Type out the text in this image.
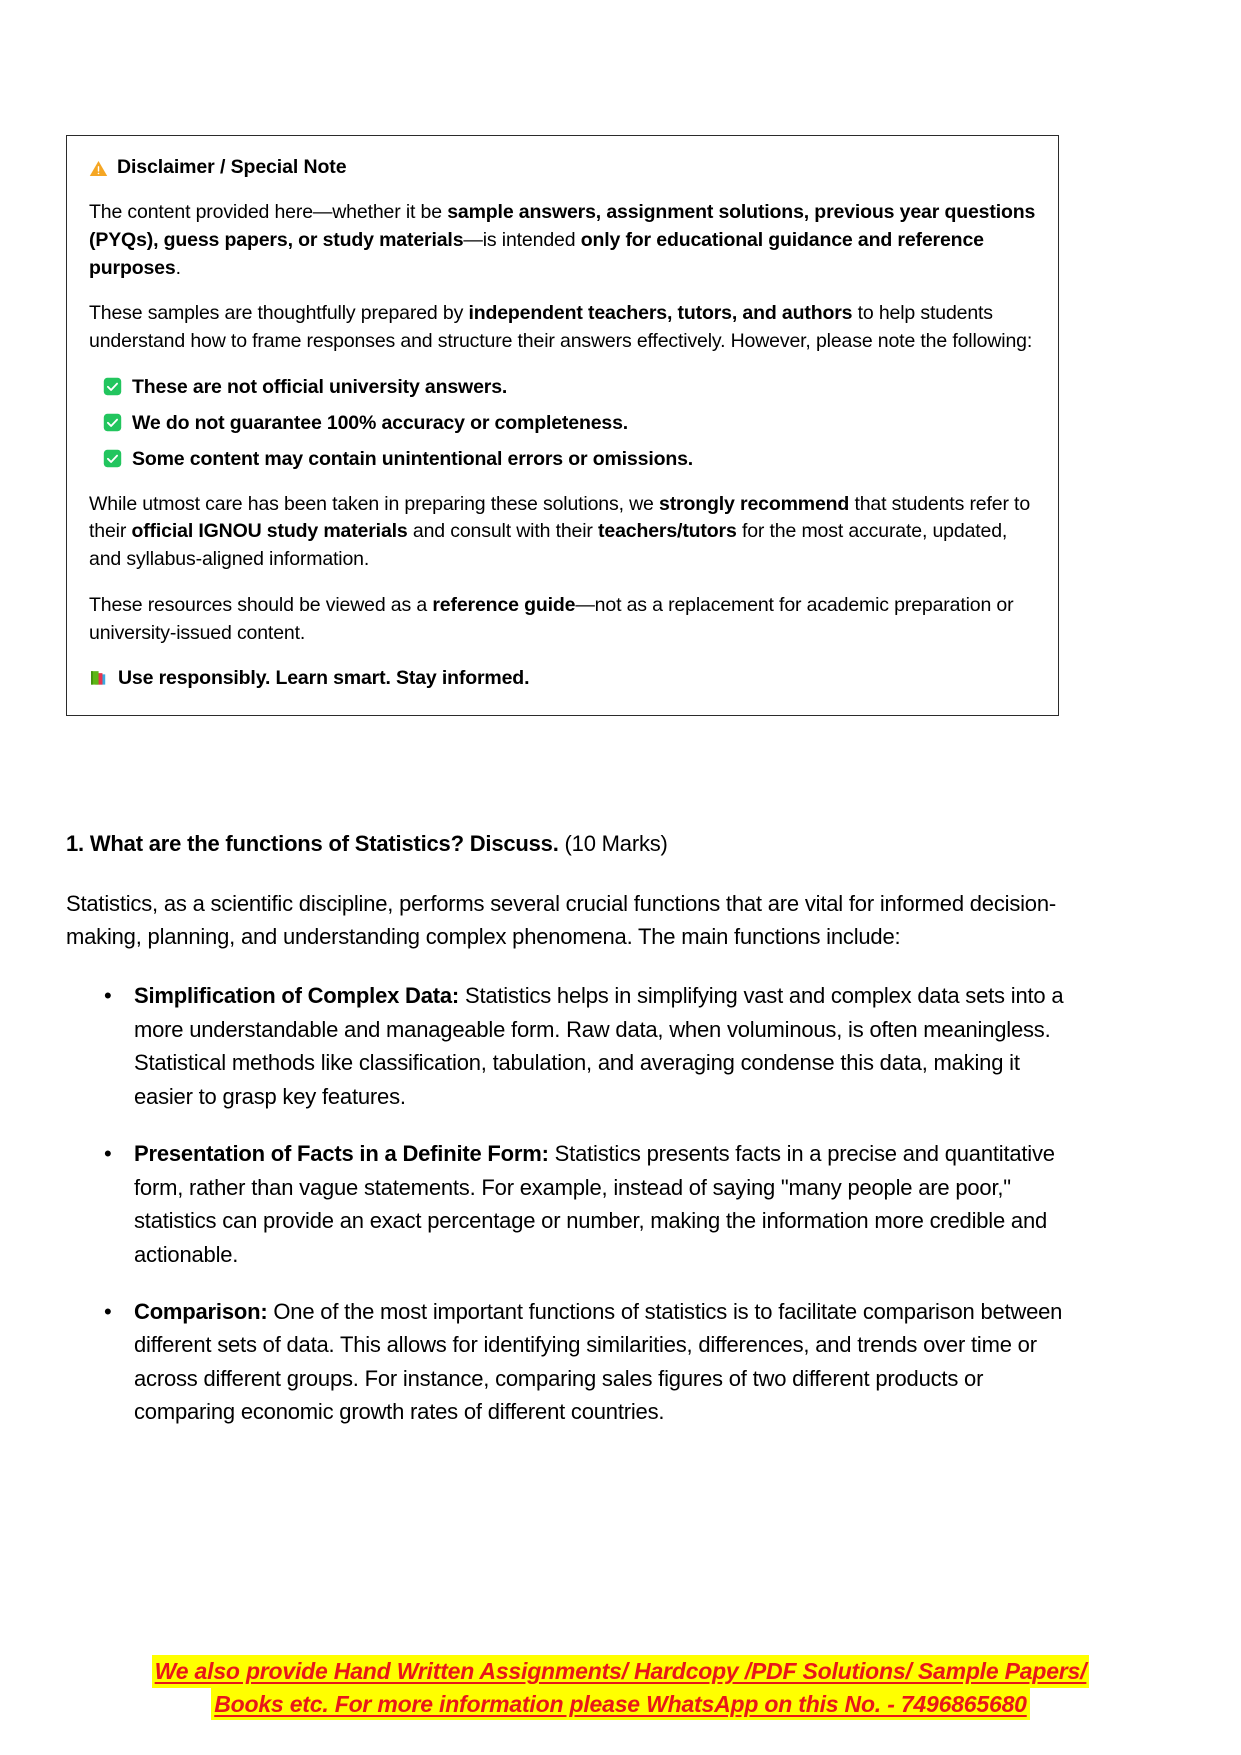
Disclaimer / Special Note

The content provided here—whether it be sample answers, assignment solutions, previous year questions (PYQs), guess papers, or study materials—is intended only for educational guidance and reference purposes.

These samples are thoughtfully prepared by independent teachers, tutors, and authors to help students understand how to frame responses and structure their answers effectively. However, please note the following:

These are not official university answers.
We do not guarantee 100% accuracy or completeness.
Some content may contain unintentional errors or omissions.

While utmost care has been taken in preparing these solutions, we strongly recommend that students refer to their official IGNOU study materials and consult with their teachers/tutors for the most accurate, updated, and syllabus-aligned information.

These resources should be viewed as a reference guide—not as a replacement for academic preparation or university-issued content.

Use responsibly. Learn smart. Stay informed.

1. What are the functions of Statistics? Discuss. (10 Marks)

Statistics, as a scientific discipline, performs several crucial functions that are vital for informed decision-making, planning, and understanding complex phenomena. The main functions include:

• Simplification of Complex Data: Statistics helps in simplifying vast and complex data sets into a more understandable and manageable form. Raw data, when voluminous, is often meaningless. Statistical methods like classification, tabulation, and averaging condense this data, making it easier to grasp key features.
• Presentation of Facts in a Definite Form: Statistics presents facts in a precise and quantitative form, rather than vague statements. For example, instead of saying "many people are poor," statistics can provide an exact percentage or number, making the information more credible and actionable.
• Comparison: One of the most important functions of statistics is to facilitate comparison between different sets of data. This allows for identifying similarities, differences, and trends over time or across different groups. For instance, comparing sales figures of two different products or comparing economic growth rates of different countries.
We also provide Hand Written Assignments/ Hardcopy /PDF Solutions/ Sample Papers/
Books etc. For more information please WhatsApp on this No. - 7496865680
